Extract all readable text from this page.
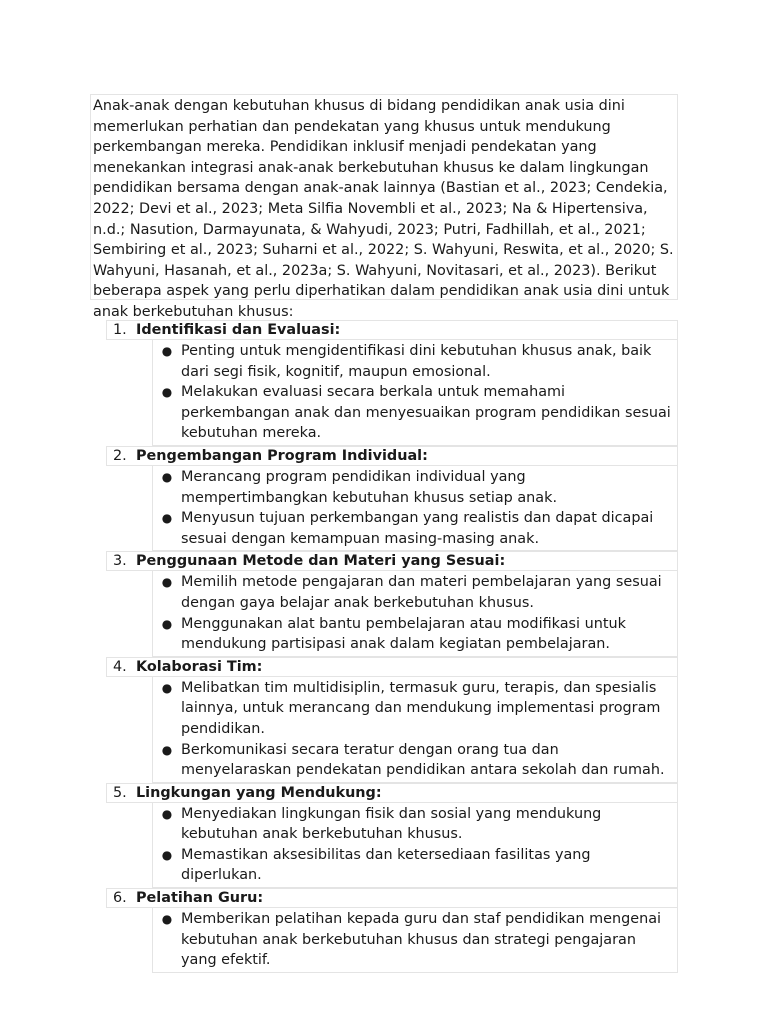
Anak-anak dengan kebutuhan khusus di bidang pendidikan anak usia dini memerlukan perhatian dan pendekatan yang khusus untuk mendukung perkembangan mereka. Pendidikan inklusif menjadi pendekatan yang menekankan integrasi anak-anak berkebutuhan khusus ke dalam lingkungan pendidikan bersama dengan anak-anak lainnya (Bastian et al., 2023; Cendekia, 2022; Devi et al., 2023; Meta Silfia Novembli et al., 2023; Na & Hipertensiva, n.d.; Nasution, Darmayunata, & Wahyudi, 2023; Putri, Fadhillah, et al., 2021; Sembiring et al., 2023; Suharni et al., 2022; S. Wahyuni, Reswita, et al., 2020; S. Wahyuni, Hasanah, et al., 2023a; S. Wahyuni, Novitasari, et al., 2023). Berikut beberapa aspek yang perlu diperhatikan dalam pendidikan anak usia dini untuk anak berkebutuhan khusus:
1. Identifikasi dan Evaluasi:
● Penting untuk mengidentifikasi dini kebutuhan khusus anak, baik dari segi fisik, kognitif, maupun emosional.
● Melakukan evaluasi secara berkala untuk memahami perkembangan anak dan menyesuaikan program pendidikan sesuai kebutuhan mereka.
2. Pengembangan Program Individual:
● Merancang program pendidikan individual yang mempertimbangkan kebutuhan khusus setiap anak.
● Menyusun tujuan perkembangan yang realistis dan dapat dicapai sesuai dengan kemampuan masing-masing anak.
3. Penggunaan Metode dan Materi yang Sesuai:
● Memilih metode pengajaran dan materi pembelajaran yang sesuai dengan gaya belajar anak berkebutuhan khusus.
● Menggunakan alat bantu pembelajaran atau modifikasi untuk mendukung partisipasi anak dalam kegiatan pembelajaran.
4. Kolaborasi Tim:
● Melibatkan tim multidisiplin, termasuk guru, terapis, dan spesialis lainnya, untuk merancang dan mendukung implementasi program pendidikan.
● Berkomunikasi secara teratur dengan orang tua dan menyelaraskan pendekatan pendidikan antara sekolah dan rumah.
5. Lingkungan yang Mendukung:
● Menyediakan lingkungan fisik dan sosial yang mendukung kebutuhan anak berkebutuhan khusus.
● Memastikan aksesibilitas dan ketersediaan fasilitas yang diperlukan.
6. Pelatihan Guru:
● Memberikan pelatihan kepada guru dan staf pendidikan mengenai kebutuhan anak berkebutuhan khusus dan strategi pengajaran yang efektif.
